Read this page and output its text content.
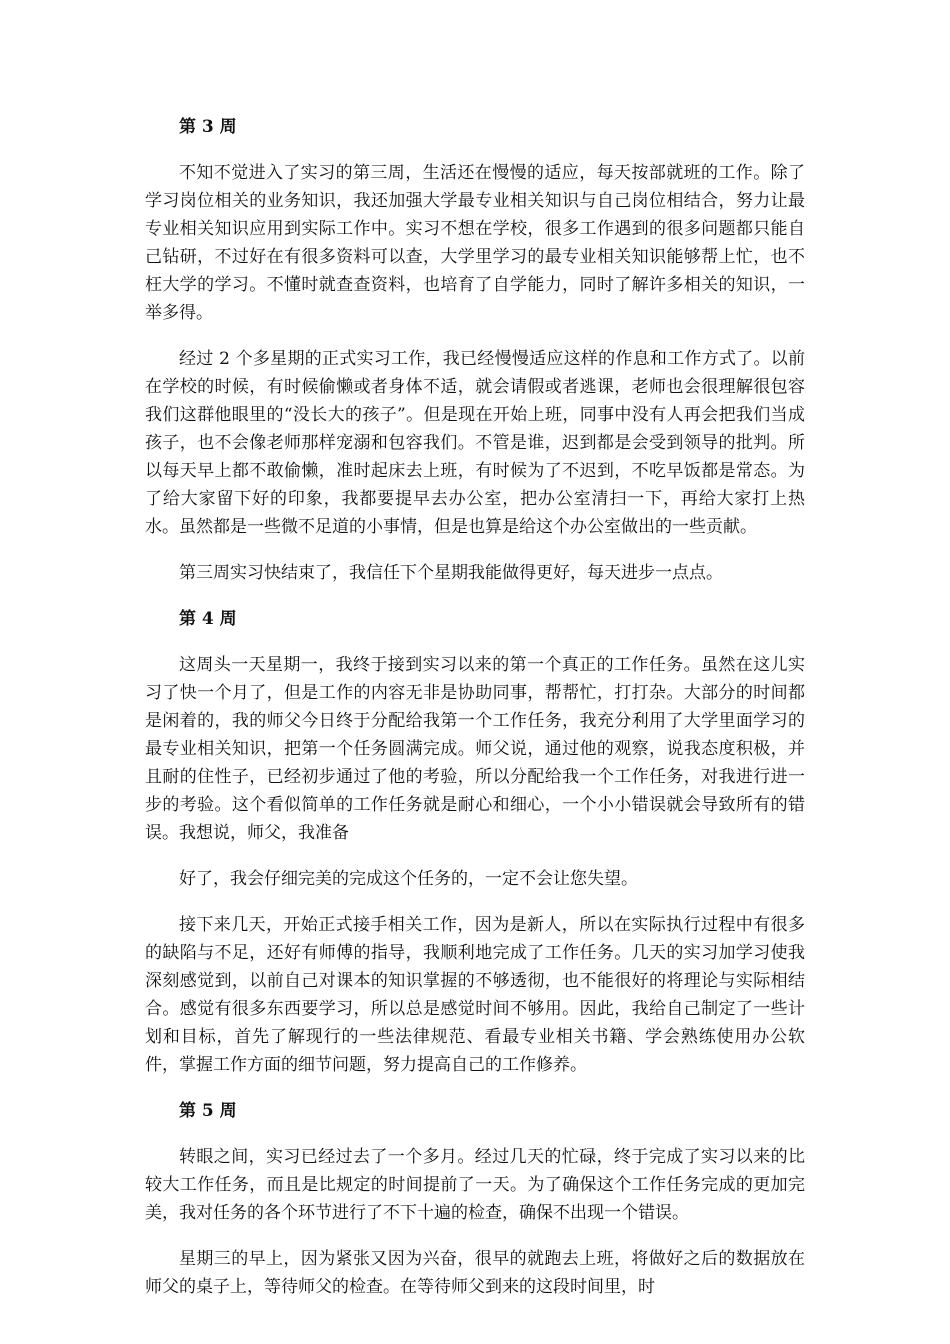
第 3 周

不知不觉进入了实习的第三周，生活还在慢慢的适应，每天按部就班的工作。除了学习岗位相关的业务知识，我还加强大学最专业相关知识与自己岗位相结合，努力让最专业相关知识应用到实际工作中。实习不想在学校，很多工作遇到的很多问题都只能自己钻研，不过好在有很多资料可以查，大学里学习的最专业相关知识能够帮上忙，也不枉大学的学习。不懂时就查查资料，也培育了自学能力，同时了解许多相关的知识，一举多得。

经过 2 个多星期的正式实习工作，我已经慢慢适应这样的作息和工作方式了。以前在学校的时候，有时候偷懒或者身体不适，就会请假或者逃课，老师也会很理解很包容我们这群他眼里的“没长大的孩子”。但是现在开始上班，同事中没有人再会把我们当成孩子，也不会像老师那样宠溺和包容我们。不管是谁，迟到都是会受到领导的批判。所以每天早上都不敢偷懒，准时起床去上班，有时候为了不迟到，不吃早饭都是常态。为了给大家留下好的印象，我都要提早去办公室，把办公室清扫一下，再给大家打上热水。虽然都是一些微不足道的小事情，但是也算是给这个办公室做出的一些贡献。

第三周实习快结束了，我信任下个星期我能做得更好，每天进步一点点。

第 4 周

这周头一天星期一，我终于接到实习以来的第一个真正的工作任务。虽然在这儿实习了快一个月了，但是工作的内容无非是协助同事，帮帮忙，打打杂。大部分的时间都是闲着的，我的师父今日终于分配给我第一个工作任务，我充分利用了大学里面学习的最专业相关知识，把第一个任务圆满完成。师父说，通过他的观察，说我态度积极，并且耐的住性子，已经初步通过了他的考验，所以分配给我一个工作任务，对我进行进一步的考验。这个看似简单的工作任务就是耐心和细心，一个小小错误就会导致所有的错误。我想说，师父，我准备

好了，我会仔细完美的完成这个任务的，一定不会让您失望。

接下来几天，开始正式接手相关工作，因为是新人，所以在实际执行过程中有很多的缺陷与不足，还好有师傅的指导，我顺利地完成了工作任务。几天的实习加学习使我深刻感觉到，以前自己对课本的知识掌握的不够透彻，也不能很好的将理论与实际相结合。感觉有很多东西要学习，所以总是感觉时间不够用。因此，我给自己制定了一些计划和目标，首先了解现行的一些法律规范、看最专业相关书籍、学会熟练使用办公软件，掌握工作方面的细节问题，努力提高自己的工作修养。

第 5 周

转眼之间，实习已经过去了一个多月。经过几天的忙碌，终于完成了实习以来的比较大工作任务，而且是比规定的时间提前了一天。为了确保这个工作任务完成的更加完美，我对任务的各个环节进行了不下十遍的检查，确保不出现一个错误。

星期三的早上，因为紧张又因为兴奋，很早的就跑去上班，将做好之后的数据放在师父的桌子上，等待师父的检查。在等待师父到来的这段时间里，时
